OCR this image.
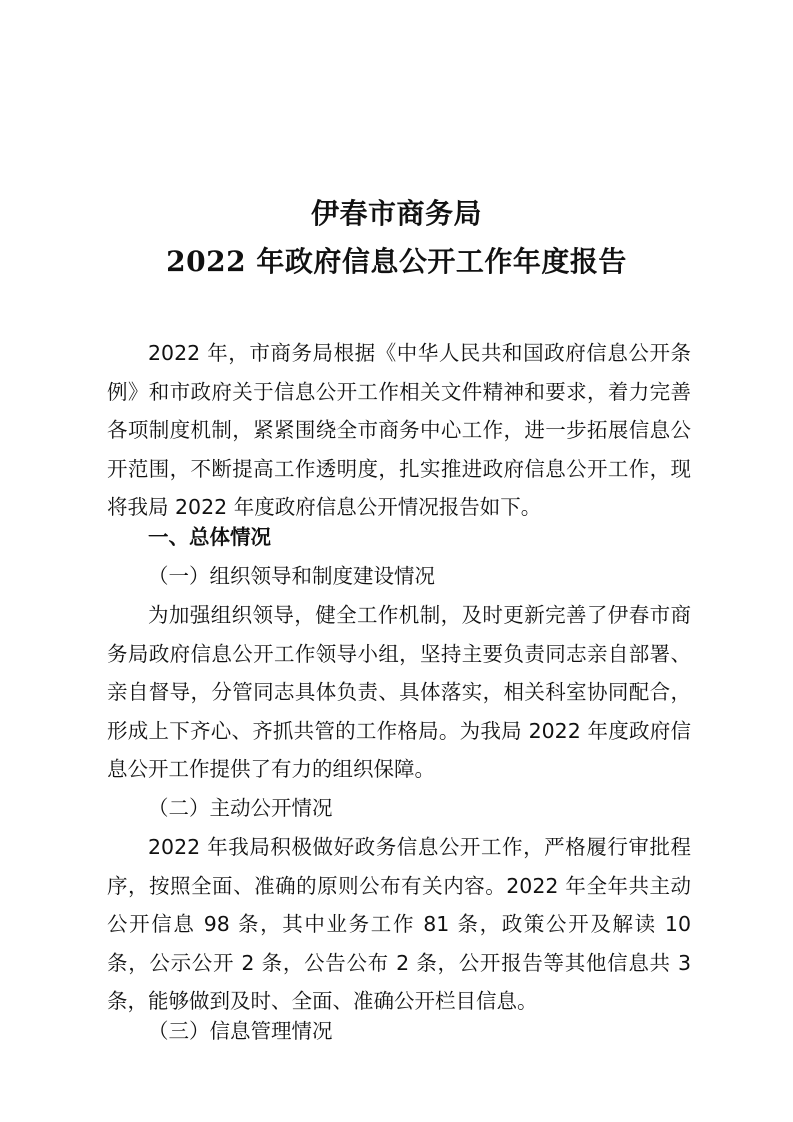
伊春市商务局
2022 年政府信息公开工作年度报告
2022 年，市商务局根据《中华人民共和国政府信息公开条例》和市政府关于信息公开工作相关文件精神和要求，着力完善各项制度机制，紧紧围绕全市商务中心工作，进一步拓展信息公开范围，不断提高工作透明度，扎实推进政府信息公开工作，现将我局 2022 年度政府信息公开情况报告如下。
一、总体情况
（一）组织领导和制度建设情况
为加强组织领导，健全工作机制，及时更新完善了伊春市商务局政府信息公开工作领导小组，坚持主要负责同志亲自部署、亲自督导，分管同志具体负责、具体落实，相关科室协同配合，形成上下齐心、齐抓共管的工作格局。为我局 2022 年度政府信息公开工作提供了有力的组织保障。
（二）主动公开情况
2022 年我局积极做好政务信息公开工作，严格履行审批程序，按照全面、准确的原则公布有关内容。2022 年全年共主动公开信息 98 条，其中业务工作 81 条，政策公开及解读 10 条，公示公开 2 条，公告公布 2 条，公开报告等其他信息共 3 条，能够做到及时、全面、准确公开栏目信息。
（三）信息管理情况
